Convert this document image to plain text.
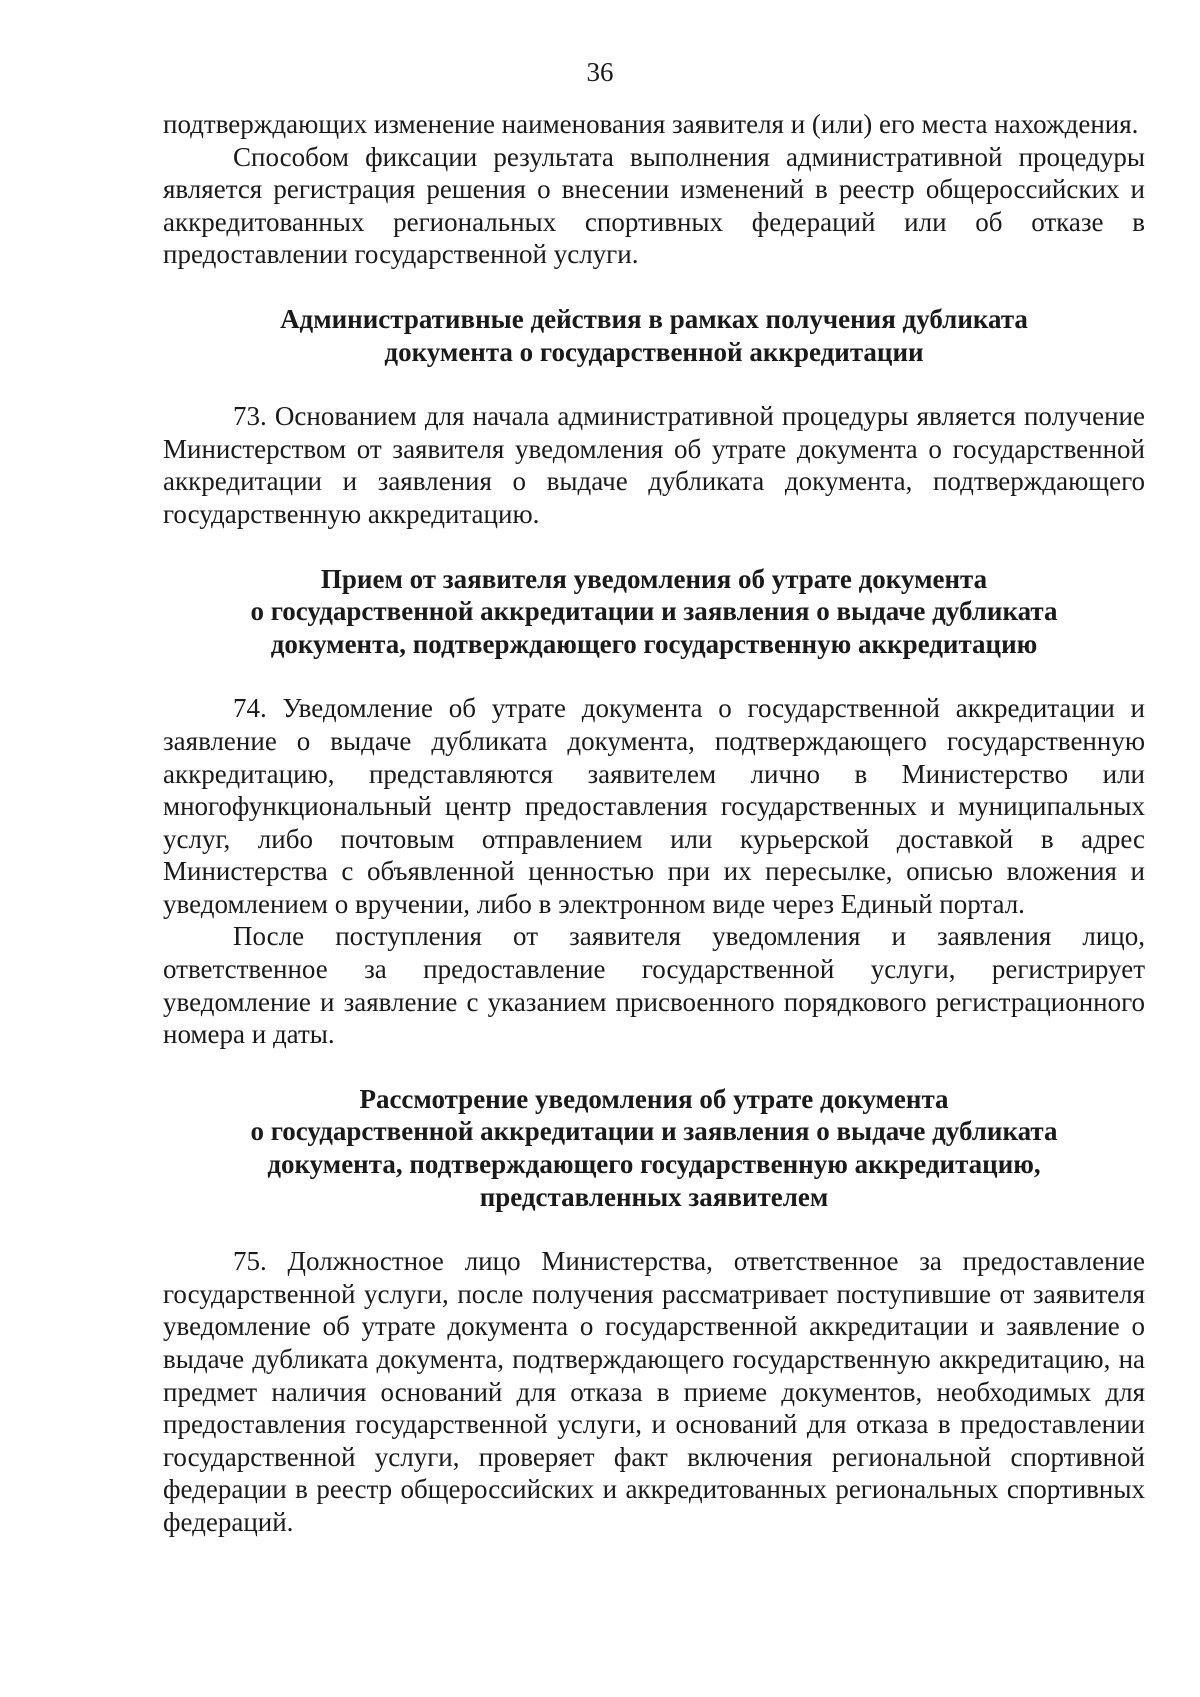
36

подтверждающих изменение наименования заявителя и (или) его места нахождения.

Способом фиксации результата выполнения административной процедуры является регистрация решения о внесении изменений в реестр общероссийских и аккредитованных региональных спортивных федераций или об отказе в предоставлении государственной услуги.

Административные действия в рамках получения дубликата
документа о государственной аккредитации

73. Основанием для начала административной процедуры является получение Министерством от заявителя уведомления об утрате документа о государственной аккредитации и заявления о выдаче дубликата документа, подтверждающего государственную аккредитацию.

Прием от заявителя уведомления об утрате документа
о государственной аккредитации и заявления о выдаче дубликата
документа, подтверждающего государственную аккредитацию

74. Уведомление об утрате документа о государственной аккредитации и заявление о выдаче дубликата документа, подтверждающего государственную аккредитацию, представляются заявителем лично в Министерство или многофункциональный центр предоставления государственных и муниципальных услуг, либо почтовым отправлением или курьерской доставкой в адрес Министерства с объявленной ценностью при их пересылке, описью вложения и уведомлением о вручении, либо в электронном виде через Единый портал.

После поступления от заявителя уведомления и заявления лицо, ответственное за предоставление государственной услуги, регистрирует уведомление и заявление с указанием присвоенного порядкового регистрационного номера и даты.

Рассмотрение уведомления об утрате документа
о государственной аккредитации и заявления о выдаче дубликата
документа, подтверждающего государственную аккредитацию,
представленных заявителем

75. Должностное лицо Министерства, ответственное за предоставление государственной услуги, после получения рассматривает поступившие от заявителя уведомление об утрате документа о государственной аккредитации и заявление о выдаче дубликата документа, подтверждающего государственную аккредитацию, на предмет наличия оснований для отказа в приеме документов, необходимых для предоставления государственной услуги, и оснований для отказа в предоставлении государственной услуги, проверяет факт включения региональной спортивной федерации в реестр общероссийских и аккредитованных региональных спортивных федераций.
